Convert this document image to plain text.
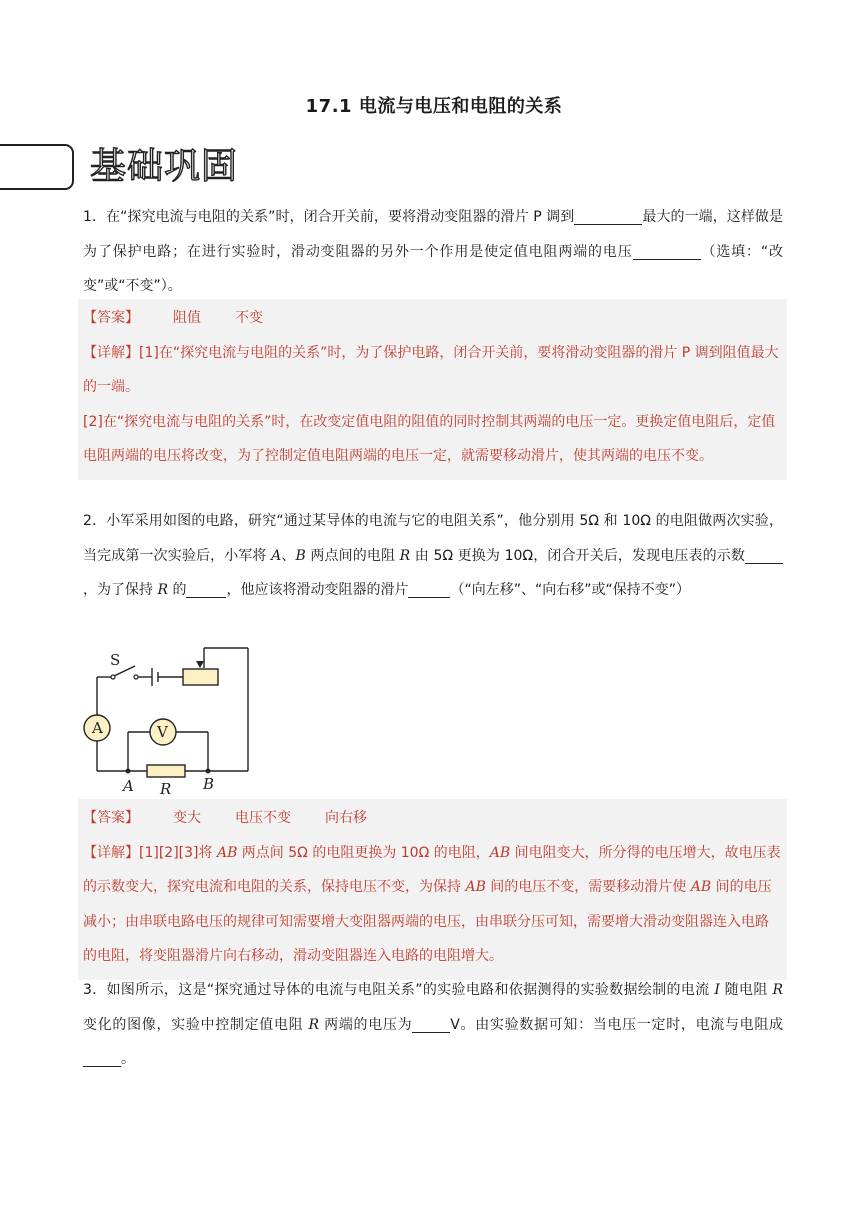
17.1 电流与电压和电阻的关系
基础巩固

1．在“探究电流与电阻的关系”时，闭合开关前，要将滑动变阻器的滑片 P 调到	最大的一端，这样做是为了保护电路；在进行实验时，滑动变阻器的另外一个作用是使定值电阻两端的电压	（选填：“改变”或“不变”）。

【答案】 阻值 不变

【详解】[1]在“探究电流与电阻的关系”时，为了保护电路，闭合开关前，要将滑动变阻器的滑片 P 调到阻值最大的一端。

[2]在“探究电流与电阻的关系”时，在改变定值电阻的阻值的同时控制其两端的电压一定。更换定值电阻后，定值电阻两端的电压将改变，为了控制定值电阻两端的电压一定，就需要移动滑片，使其两端的电压不变。

2．小军采用如图的电路，研究“通过某导体的电流与它的电阻关系”，他分别用 5Ω 和 10Ω 的电阻做两次实验，当完成第一次实验后，小军将 A、B 两点间的电阻 R 由 5Ω 更换为 10Ω，闭合开关后，发现电压表的示数，为了保持 R 的	，他应该将滑动变阻器的滑片	（“向左移”、“向右移”或“保持不变”）

S
A	V
A	B
R

【答案】 变大 电压不变 向右移

【详解】[1][2][3]将 AB 两点间 5Ω 的电阻更换为 10Ω 的电阻，AB 间电阻变大，所分得的电压增大，故电压表的示数变大，探究电流和电阻的关系，保持电压不变，为保持 AB 间的电压不变，需要移动滑片使 AB 间的电压减小；由串联电路电压的规律可知需要增大变阻器两端的电压，由串联分压可知，需要增大滑动变阻器连入电路的电阻，将变阻器滑片向右移动，滑动变阻器连入电路的电阻增大。

3．如图所示，这是“探究通过导体的电流与电阻关系”的实验电路和依据测得的实验数据绘制的电流 I 随电阻 R 变化的图像，实验中控制定值电阻 R 两端的电压为	V。由实验数据可知：当电压一定时，电流与电阻成。
